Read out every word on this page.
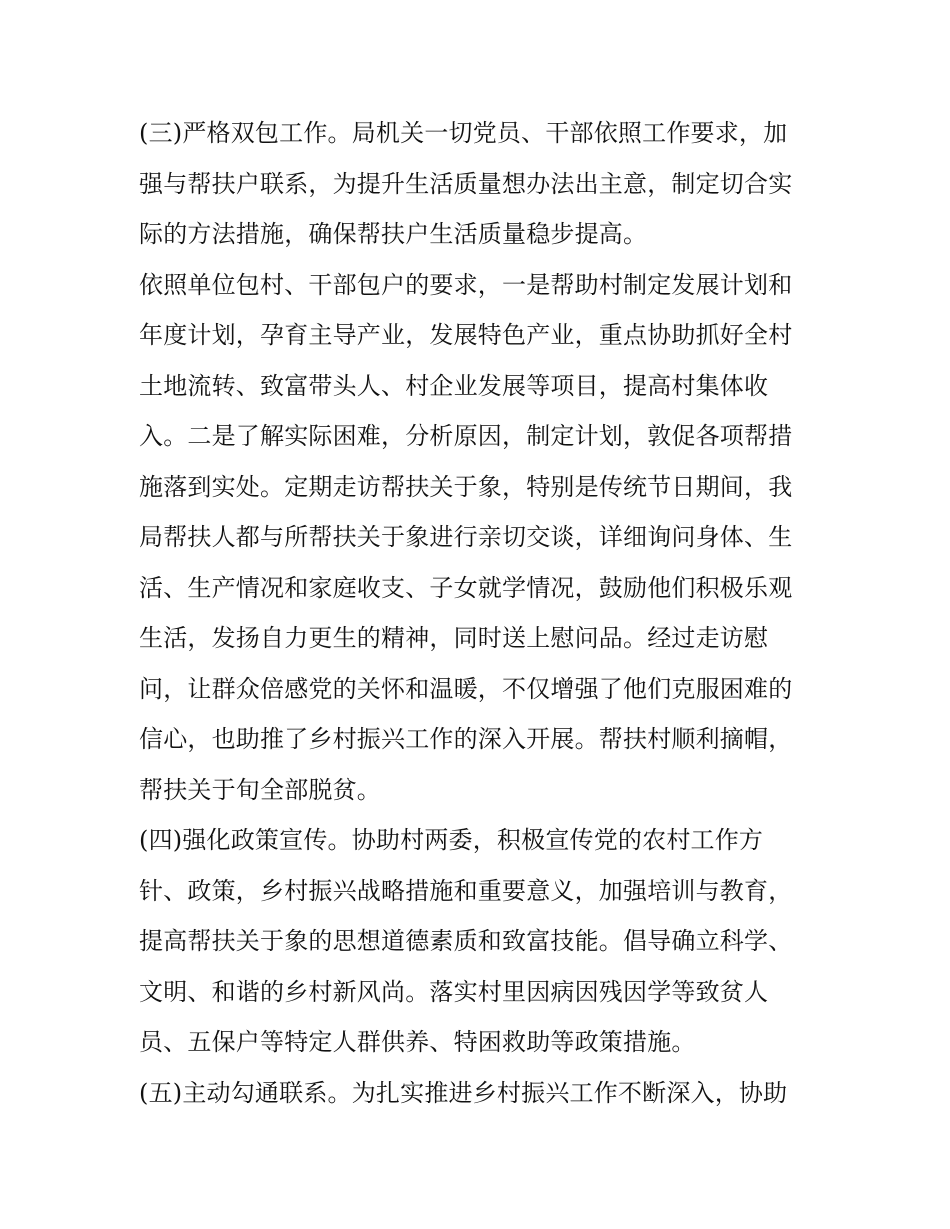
(三)严格双包工作。局机关一切党员、干部依照工作要求，加
强与帮扶户联系，为提升生活质量想办法出主意，制定切合实
际的方法措施，确保帮扶户生活质量稳步提高。
依照单位包村、干部包户的要求，一是帮助村制定发展计划和
年度计划，孕育主导产业，发展特色产业，重点协助抓好全村
土地流转、致富带头人、村企业发展等项目，提高村集体收
入。二是了解实际困难，分析原因，制定计划，敦促各项帮措
施落到实处。定期走访帮扶关于象，特别是传统节日期间，我
局帮扶人都与所帮扶关于象进行亲切交谈，详细询问身体、生
活、生产情况和家庭收支、子女就学情况，鼓励他们积极乐观
生活，发扬自力更生的精神，同时送上慰问品。经过走访慰
问，让群众倍感党的关怀和温暖，不仅增强了他们克服困难的
信心，也助推了乡村振兴工作的深入开展。帮扶村顺利摘帽，
帮扶关于旬全部脱贫。
(四)强化政策宣传。协助村两委，积极宣传党的农村工作方
针、政策，乡村振兴战略措施和重要意义，加强培训与教育，
提高帮扶关于象的思想道德素质和致富技能。倡导确立科学、
文明、和谐的乡村新风尚。落实村里因病因残因学等致贫人
员、五保户等特定人群供养、特困救助等政策措施。
(五)主动勾通联系。为扎实推进乡村振兴工作不断深入，协助
